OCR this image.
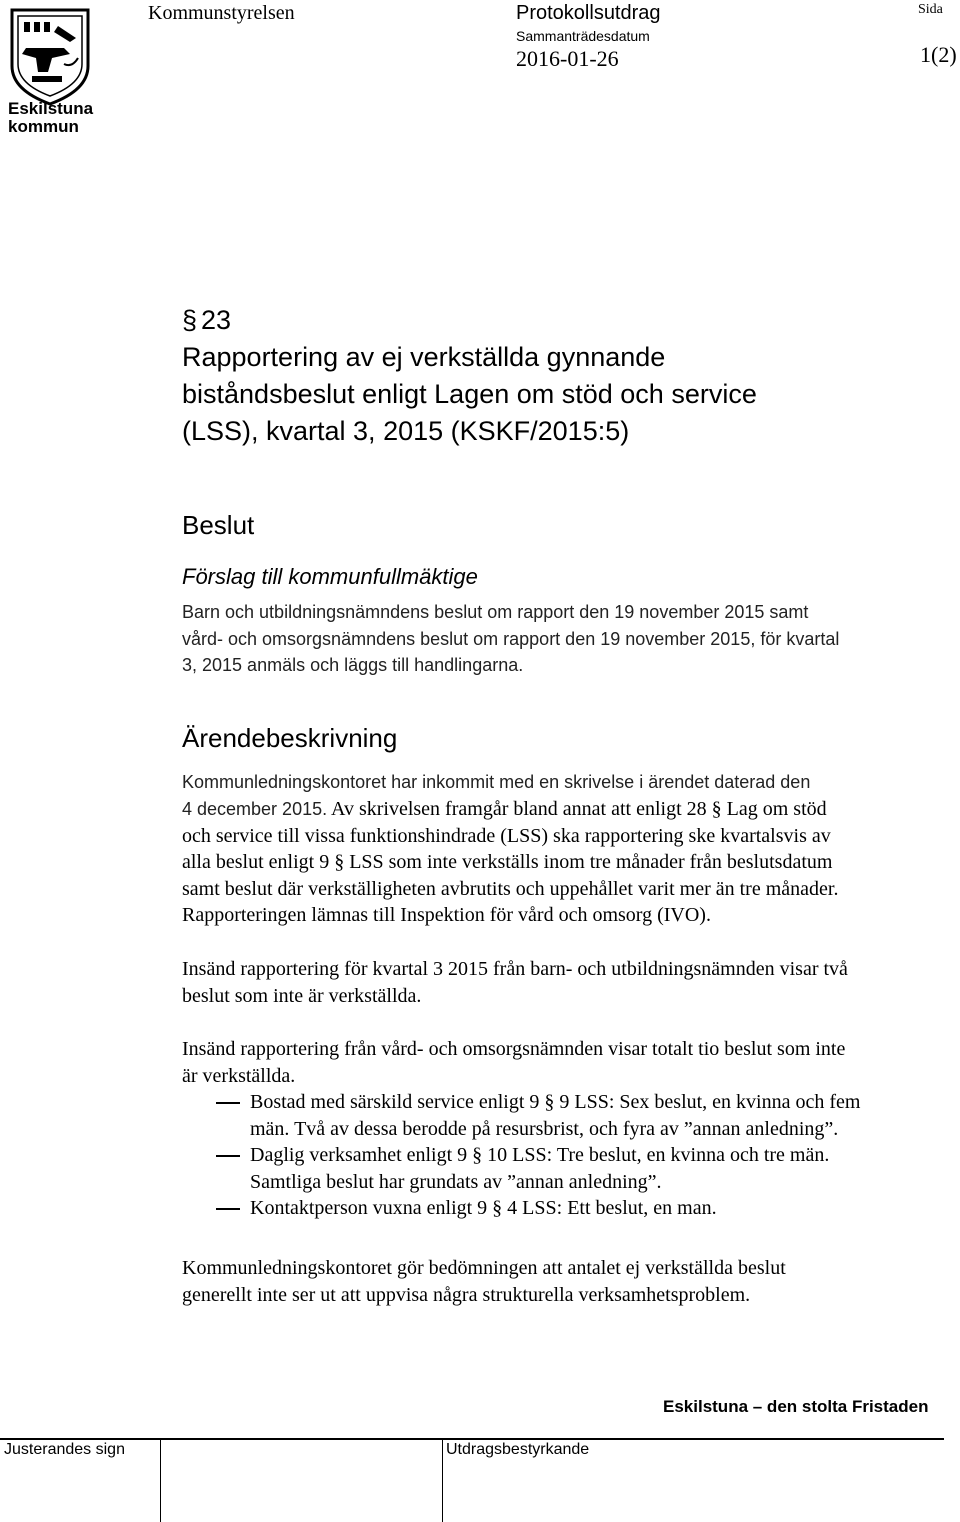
Eskilstuna
kommun
Kommunstyrelsen	Protokollsutdrag
Sammanträdesdatum
2016-01-26
Sida
1(2)
§ 23
Rapportering av ej verkställda gynnande
biståndsbeslut enligt Lagen om stöd och service
(LSS), kvartal 3, 2015 (KSKF/2015:5)
Beslut
Förslag till kommunfullmäktige
Barn och utbildningsnämndens beslut om rapport den 19 november 2015 samt
vård- och omsorgsnämndens beslut om rapport den 19 november 2015, för kvartal
3, 2015 anmäls och läggs till handlingarna.
Ärendebeskrivning
Kommunledningskontoret har inkommit med en skrivelse i ärendet daterad den
4 december 2015. Av skrivelsen framgår bland annat att enligt 28 § Lag om stöd
och service till vissa funktionshindrade (LSS) ska rapportering ske kvartalsvis av
alla beslut enligt 9 § LSS som inte verkställs inom tre månader från beslutsdatum
samt beslut där verkställigheten avbrutits och uppehållet varit mer än tre månader.
Rapporteringen lämnas till Inspektion för vård och omsorg (IVO).
Insänd rapportering för kvartal 3 2015 från barn- och utbildningsnämnden visar två
beslut som inte är verkställda.
Insänd rapportering från vård- och omsorgsnämnden visar totalt tio beslut som inte
är verkställda.
Bostad med särskild service enligt 9 § 9 LSS: Sex beslut, en kvinna och fem
män. Två av dessa berodde på resursbrist, och fyra av ”annan anledning”.
Daglig verksamhet enligt 9 § 10 LSS: Tre beslut, en kvinna och tre män.
Samtliga beslut har grundats av ”annan anledning”.
Kontaktperson vuxna enligt 9 § 4 LSS: Ett beslut, en man.
Kommunledningskontoret gör bedömningen att antalet ej verkställda beslut
generellt inte ser ut att uppvisa några strukturella verksamhetsproblem.
Eskilstuna – den stolta Fristaden
Justerandes sign	Utdragsbestyrkande
